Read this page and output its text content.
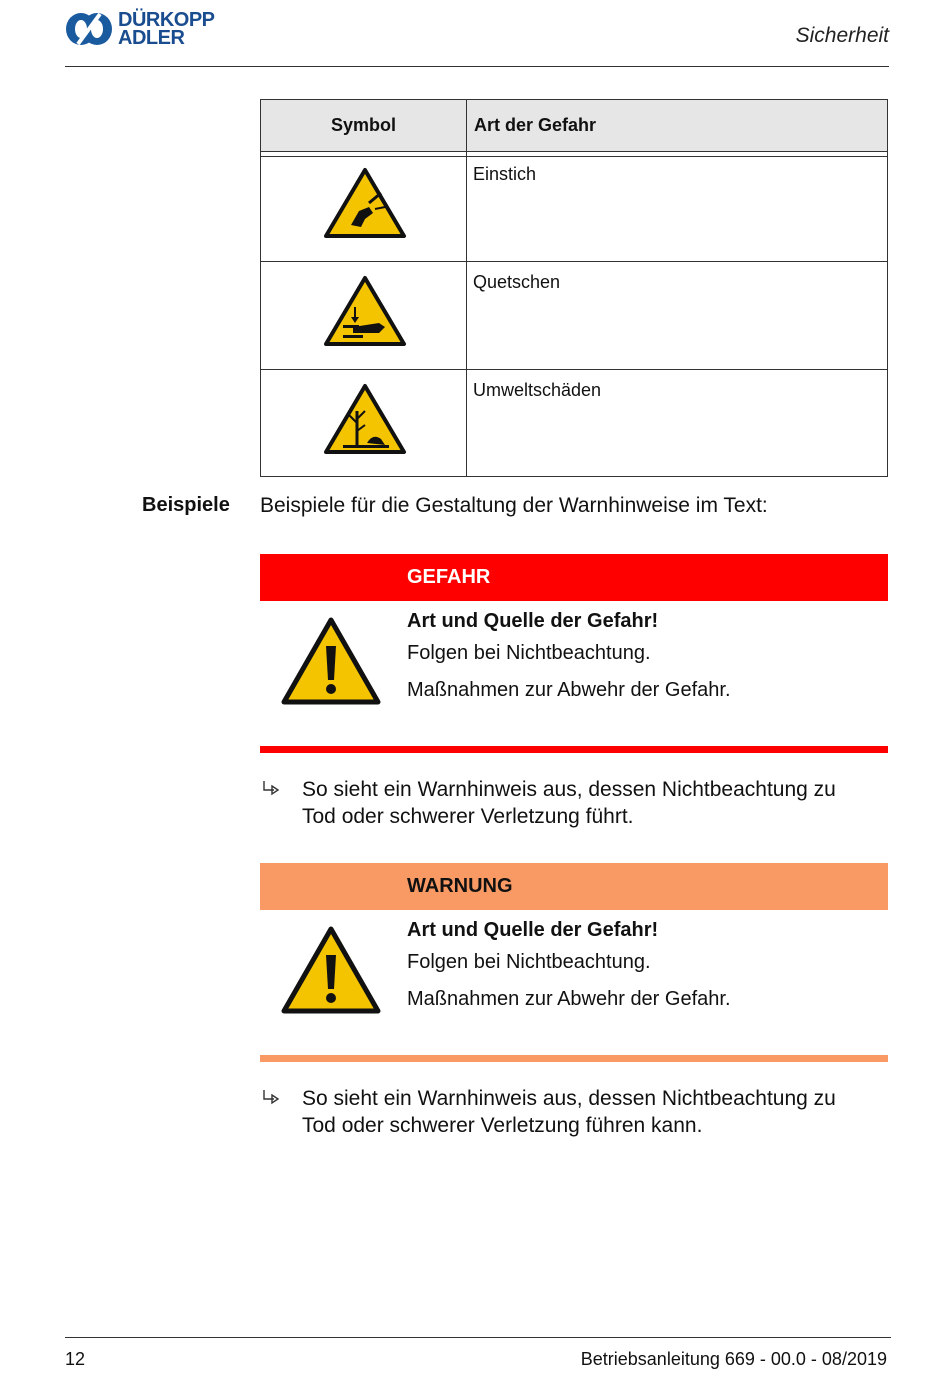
DÜRKOPP
ADLER	Sicherheit
Symbol	Art der Gefahr
Einstich
Quetschen
Umweltschäden
Beispiele Beispiele für die Gestaltung der Warnhinweise im Text:
GEFAHR
Art und Quelle der Gefahr!
Folgen bei Nichtbeachtung.
Maßnahmen zur Abwehr der Gefahr.
So sieht ein Warnhinweis aus, dessen Nichtbeachtung zu
Tod oder schwerer Verletzung führt.
WARNUNG
Art und Quelle der Gefahr!
Folgen bei Nichtbeachtung.
Maßnahmen zur Abwehr der Gefahr.
So sieht ein Warnhinweis aus, dessen Nichtbeachtung zu
Tod oder schwerer Verletzung führen kann.
12	Betriebsanleitung 669 - 00.0 - 08/2019
